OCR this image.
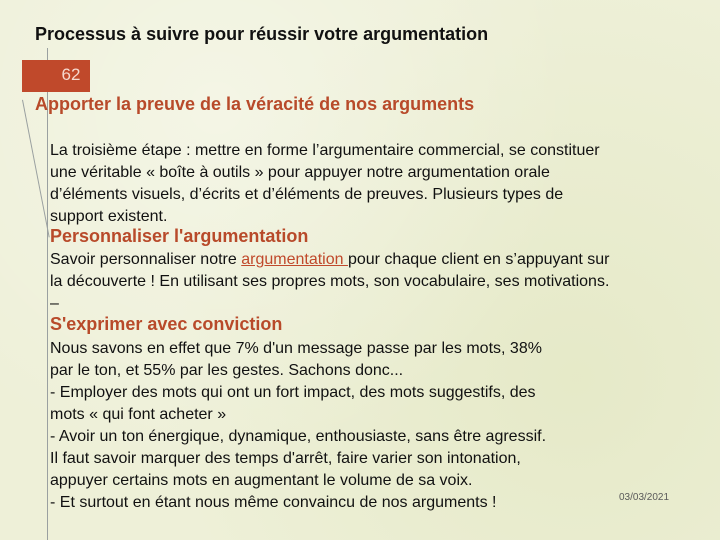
Processus à suivre pour réussir votre argumentation
62
Apporter la preuve de la véracité de nos arguments
La troisième étape : mettre en forme l’argumentaire commercial, se constituer une véritable « boîte à outils » pour appuyer notre argumentation orale d’éléments visuels, d’écrits et d’éléments de preuves. Plusieurs types de support existent.
Personnaliser l'argumentation
Savoir personnaliser notre argumentation pour chaque client en s’appuyant sur la découverte ! En utilisant ses propres mots, son vocabulaire, ses motivations. –
S'exprimer avec conviction
Nous savons en effet que 7% d'un message passe par les mots, 38%
par le ton, et 55% par les gestes. Sachons donc...
- Employer des mots qui ont un fort impact, des mots suggestifs, des
mots « qui font acheter »
- Avoir un ton énergique, dynamique, enthousiaste, sans être agressif.
Il faut savoir marquer des temps d'arrêt, faire varier son intonation,
appuyer certains mots en augmentant le volume de sa voix.
- Et surtout en étant nous même convaincu de nos arguments !	03/03/2021
